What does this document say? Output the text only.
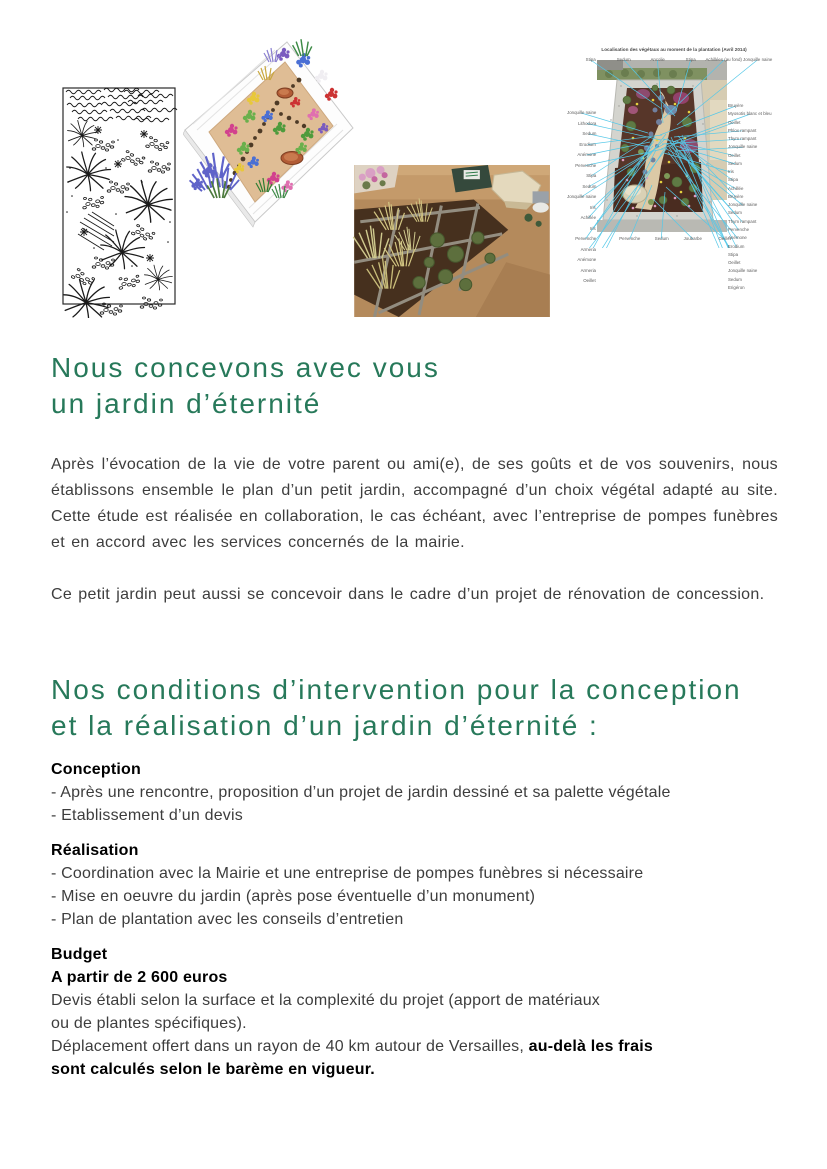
Localisation des végétaux au moment de la plantation (Avril 2014)
Stipa	Sedum Ancolie	Stipa	Achillées (au fond) Jonquille naine
Jonquille naine
Lithodora
Sedum
Erodium
Anémone
Pervenche
Stipa
Sedum
Jonquille naine
Iris
Achillée
Iris
Pervenche
Armeria
Anémone
Armeria
Oeillet
Bruyère
Myosotis blanc et bleu
Oeillet
Phlox rampant
Thym rampant
Jonquille naine
Oeillet
Sedum
Iris
Stipa
Achillée
Bruyère
Jonquille naine
Sedum
Thym rampant
Pervenche
Anémone
Erodium
Stipa
Oeillet
Jonquille naine
Sedum
Erigéron
Pervenche Sedum Joubarbe	Oeillet
Nous concevons avec vous
un jardin d’éternité

Après l’évocation de la vie de votre parent ou ami(e), de ses goûts et de vos souvenirs, nous établissons ensemble le plan d’un petit jardin, accompagné d’un choix végétal adapté au site. Cette étude est réalisée en collaboration, le cas échéant, avec l’entreprise de pompes funèbres et en accord avec les services concernés de la mairie.

Ce petit jardin peut aussi se concevoir dans le cadre d’un projet de rénovation de concession.

Nos conditions d’intervention pour la conception
et la réalisation d’un jardin d’éternité :
Conception
- Après une rencontre, proposition d’un projet de jardin dessiné et sa palette végétale
- Etablissement d’un devis
Réalisation
- Coordination avec la Mairie et une entreprise de pompes funèbres si nécessaire
- Mise en oeuvre du jardin (après pose éventuelle d’un monument)
- Plan de plantation avec les conseils d’entretien
Budget
A partir de 2 600 euros
Devis établi selon la surface et la complexité du projet (apport de matériaux
ou de plantes spécifiques).
Déplacement offert dans un rayon de 40 km autour de Versailles, au-delà les frais
sont calculés selon le barème en vigueur.
